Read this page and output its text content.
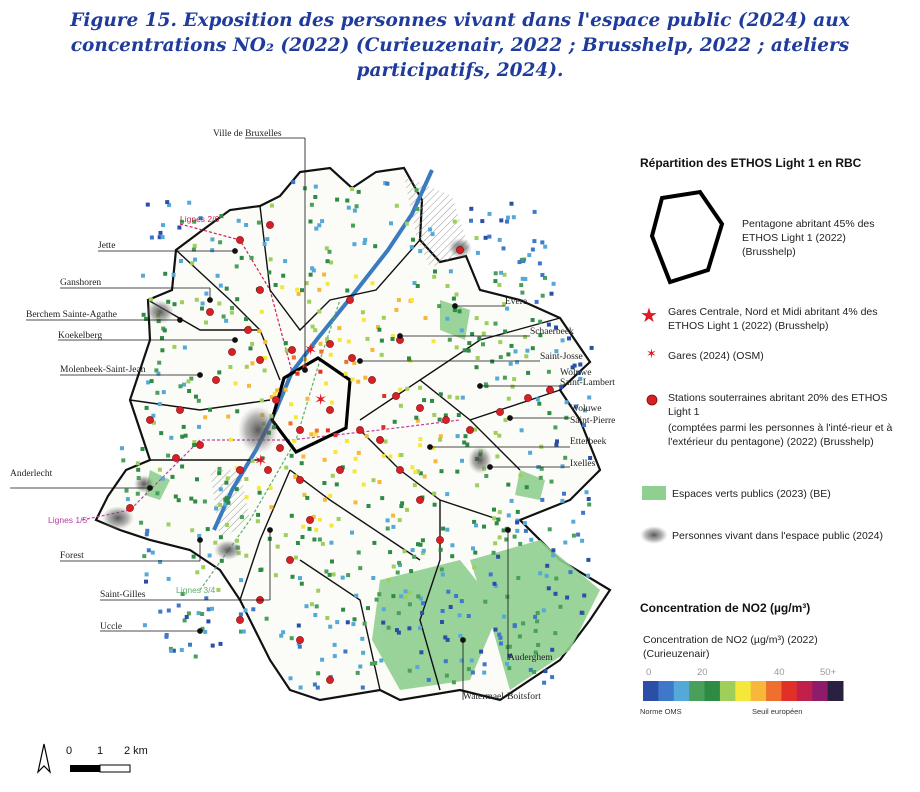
Figure 15. Exposition des personnes vivant dans l'espace public (2024) aux
concentrations NO₂ (2022) (Curieuzenair, 2022 ; Brusshelp, 2022 ; ateliers
participatifs, 2024).
✶
✶
✶
★
✶
Ville de Bruxelles
Jette
Ganshoren
Berchem Sainte-Agathe
Koekelberg
Molenbeek-Saint-Jean
Anderlecht
Forest
Saint-Gilles
Uccle
Evere
Schaerbeek
Saint-Josse
Woluwe
Saint-Lambert
Woluwe
Saint-Pierre
Etterbeek
Ixelles
Auderghem
Watermael-Boitsfort
Lignes 2/6
Lignes 1/5
Lignes 3/4
Répartition des ETHOS Light 1 en RBC
Pentagone abritant 45% des ETHOS Light 1 (2022) (Brusshelp)
Gares Centrale, Nord et Midi abritant 4% des ETHOS Light 1 (2022) (Brusshelp)
Gares (2024) (OSM)
Stations souterraines abritant 20% des ETHOS Light 1
(comptées parmi les personnes à l'inté-rieur et à l'extérieur du pentagone) (2022) (Brusshelp)
Espaces verts publics (2023) (BE)
Personnes vivant dans l'espace public (2024)
Concentration de NO2 (µg/m³)
Concentration de NO2 (µg/m³) (2022)
(Curieuzenair)
0	20	40	50+
Norme OMS	Seuil européen
0 1 2 km
